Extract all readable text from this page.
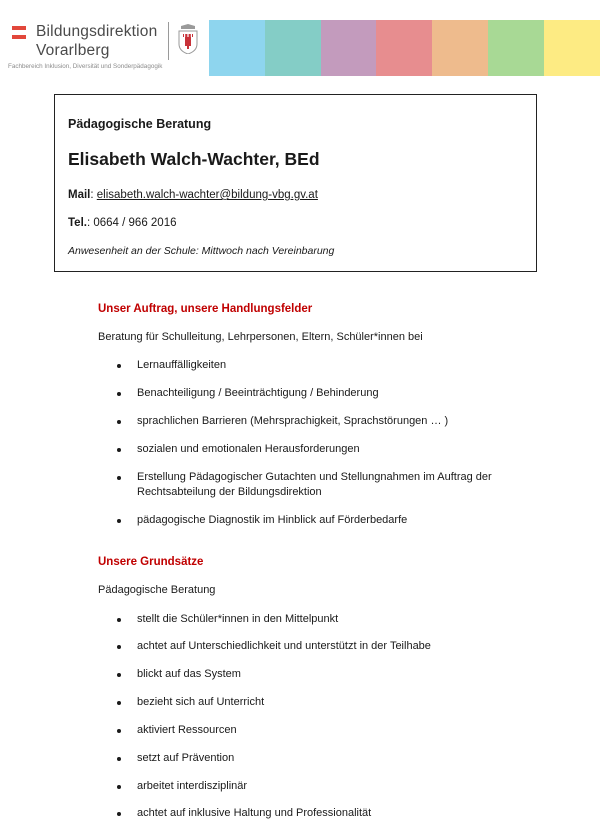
Bildungsdirektion
Vorarlberg
Fachbereich Inklusion, Diversität und Sonderpädagogik
Pädagogische Beratung
Elisabeth Walch-Wachter, BEd
Mail: elisabeth.walch-wachter@bildung-vbg.gv.at
Tel.: 0664 / 966 2016
Anwesenheit an der Schule: Mittwoch nach Vereinbarung
Unser Auftrag, unsere Handlungsfelder
Beratung für Schulleitung, Lehrpersonen, Eltern, Schüler*innen bei
Lernauffälligkeiten
Benachteiligung / Beeinträchtigung / Behinderung
sprachlichen Barrieren (Mehrsprachigkeit, Sprachstörungen … )
sozialen und emotionalen Herausforderungen
Erstellung Pädagogischer Gutachten und Stellungnahmen im Auftrag der Rechtsabteilung der Bildungsdirektion
pädagogische Diagnostik im Hinblick auf Förderbedarfe
Unsere Grundsätze
Pädagogische Beratung
stellt die Schüler*innen in den Mittelpunkt
achtet auf Unterschiedlichkeit und unterstützt in der Teilhabe
blickt auf das System
bezieht sich auf Unterricht
aktiviert Ressourcen
setzt auf Prävention
arbeitet interdisziplinär
achtet auf inklusive Haltung und Professionalität
